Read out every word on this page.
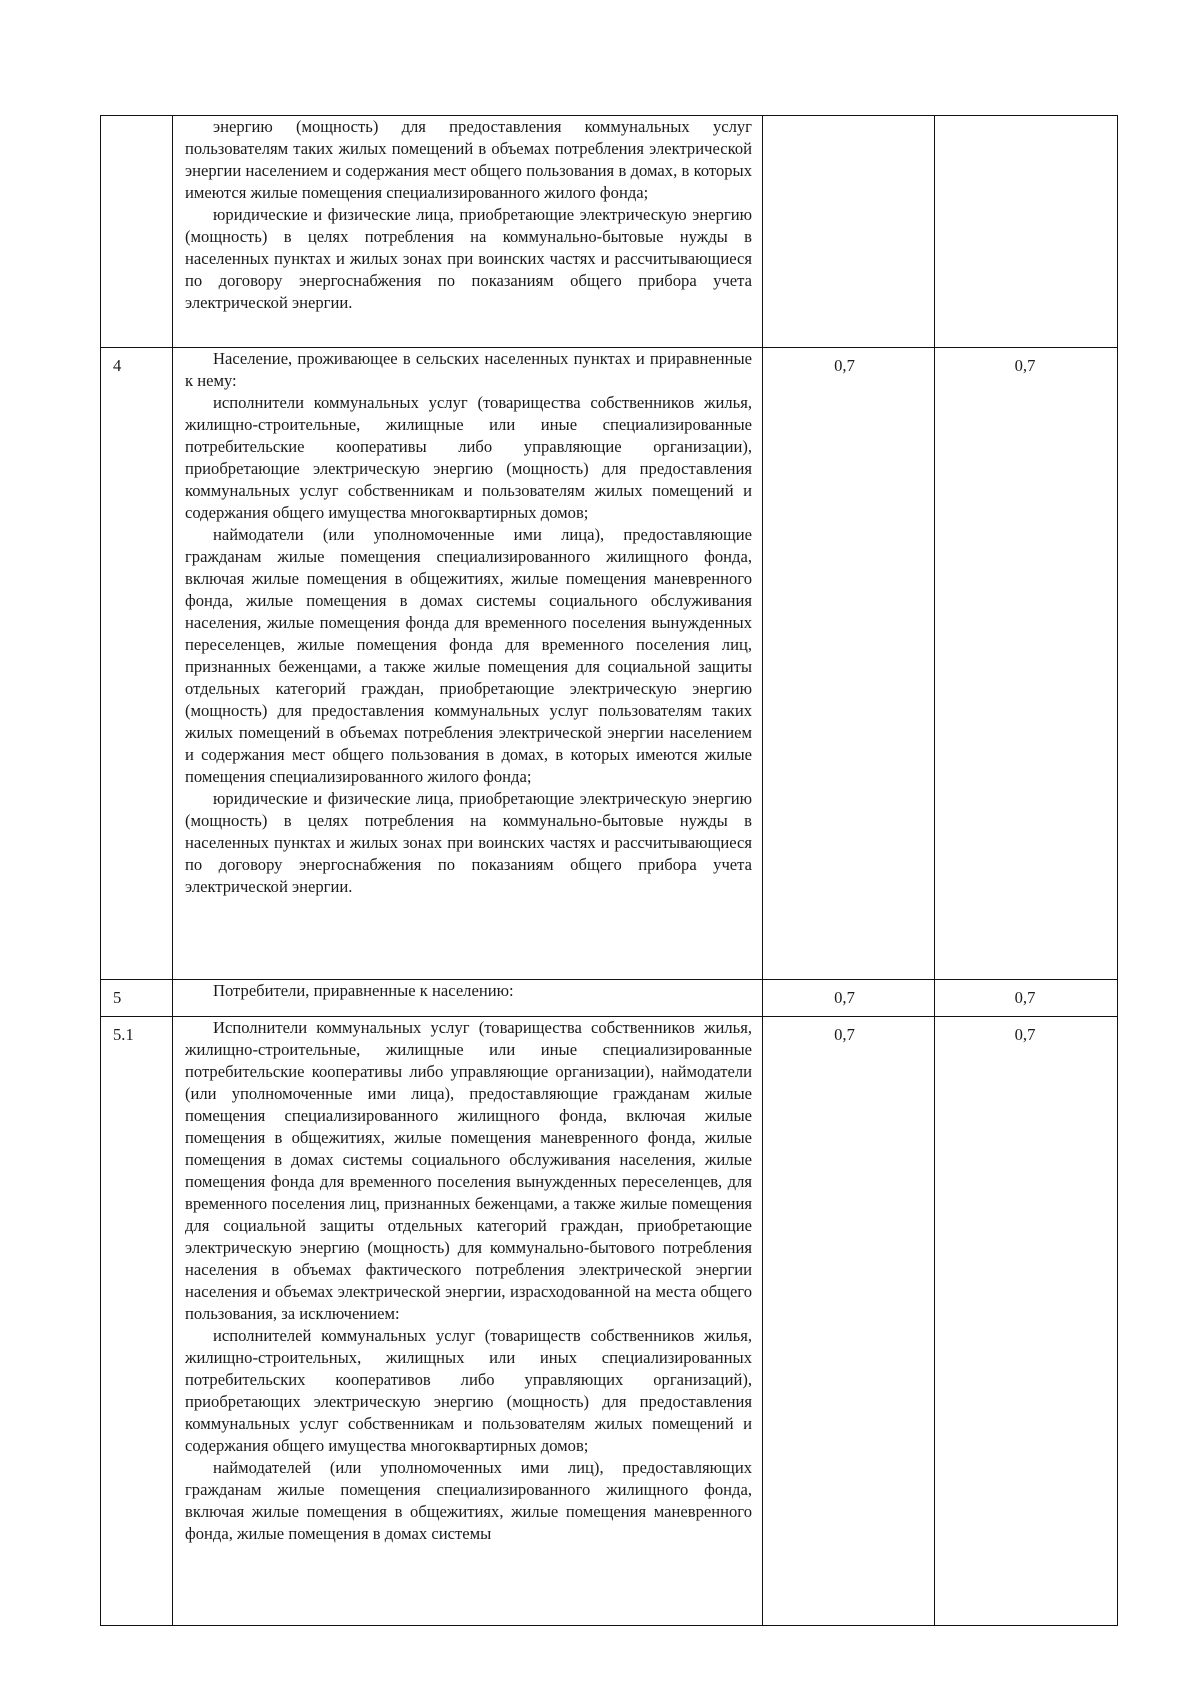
	энергию (мощность) для предоставления коммунальных услуг пользователям таких жилых помещений в объемах потребления электрической энергии населением и содержания мест общего пользования в домах, в которых имеются жилые помещения специализированного жилого фонда;

юридические и физические лица, приобретающие электрическую энергию (мощность) в целях потребления на коммунально-бытовые нужды в населенных пунктах и жилых зонах при воинских частях и рассчитывающиеся по договору энергоснабжения по показаниям общего прибора учета электрической энергии.		

4	Население, проживающее в сельских населенных пунктах и приравненные к нему:

исполнители коммунальных услуг (товарищества собственников жилья, жилищно-строительные, жилищные или иные специализированные потребительские кооперативы либо управляющие организации), приобретающие электрическую энергию (мощность) для предоставления коммунальных услуг собственникам и пользователям жилых помещений и содержания общего имущества многоквартирных домов;

наймодатели (или уполномоченные ими лица), предоставляющие гражданам жилые помещения специализированного жилищного фонда, включая жилые помещения в общежитиях, жилые помещения маневренного фонда, жилые помещения в домах системы социального обслуживания населения, жилые помещения фонда для временного поселения вынужденных переселенцев, жилые помещения фонда для временного поселения лиц, признанных беженцами, а также жилые помещения для социальной защиты отдельных категорий граждан, приобретающие электрическую энергию (мощность) для предоставления коммунальных услуг пользователям таких жилых помещений в объемах потребления электрической энергии населением и содержания мест общего пользования в домах, в которых имеются жилые помещения специализированного жилого фонда;

юридические и физические лица, приобретающие электрическую энергию (мощность) в целях потребления на коммунально-бытовые нужды в населенных пунктах и жилых зонах при воинских частях и рассчитывающиеся по договору энергоснабжения по показаниям общего прибора учета электрической энергии.	0,7	0,7
5	Потребители, приравненные к населению:	0,7	0,7
5.1	Исполнители коммунальных услуг (товарищества собственников жилья, жилищно-строительные, жилищные или иные специализированные потребительские кооперативы либо управляющие организации), наймодатели (или уполномоченные ими лица), предоставляющие гражданам жилые помещения специализированного жилищного фонда, включая жилые помещения в общежитиях, жилые помещения маневренного фонда, жилые помещения в домах системы социального обслуживания населения, жилые помещения фонда для временного поселения вынужденных переселенцев, для временного поселения лиц, признанных беженцами, а также жилые помещения для социальной защиты отдельных категорий граждан, приобретающие электрическую энергию (мощность) для коммунально-бытового потребления населения в объемах фактического потребления электрической энергии населения и объемах электрической энергии, израсходованной на места общего пользования, за исключением:

исполнителей коммунальных услуг (товариществ собственников жилья, жилищно-строительных, жилищных или иных специализированных потребительских кооперативов либо управляющих организаций), приобретающих электрическую энергию (мощность) для предоставления коммунальных услуг собственникам и пользователям жилых помещений и содержания общего имущества многоквартирных домов;

наймодателей (или уполномоченных ими лиц), предоставляющих гражданам жилые помещения специализированного жилищного фонда, включая жилые помещения в общежитиях, жилые помещения маневренного фонда, жилые помещения в домах системы	0,7	0,7
